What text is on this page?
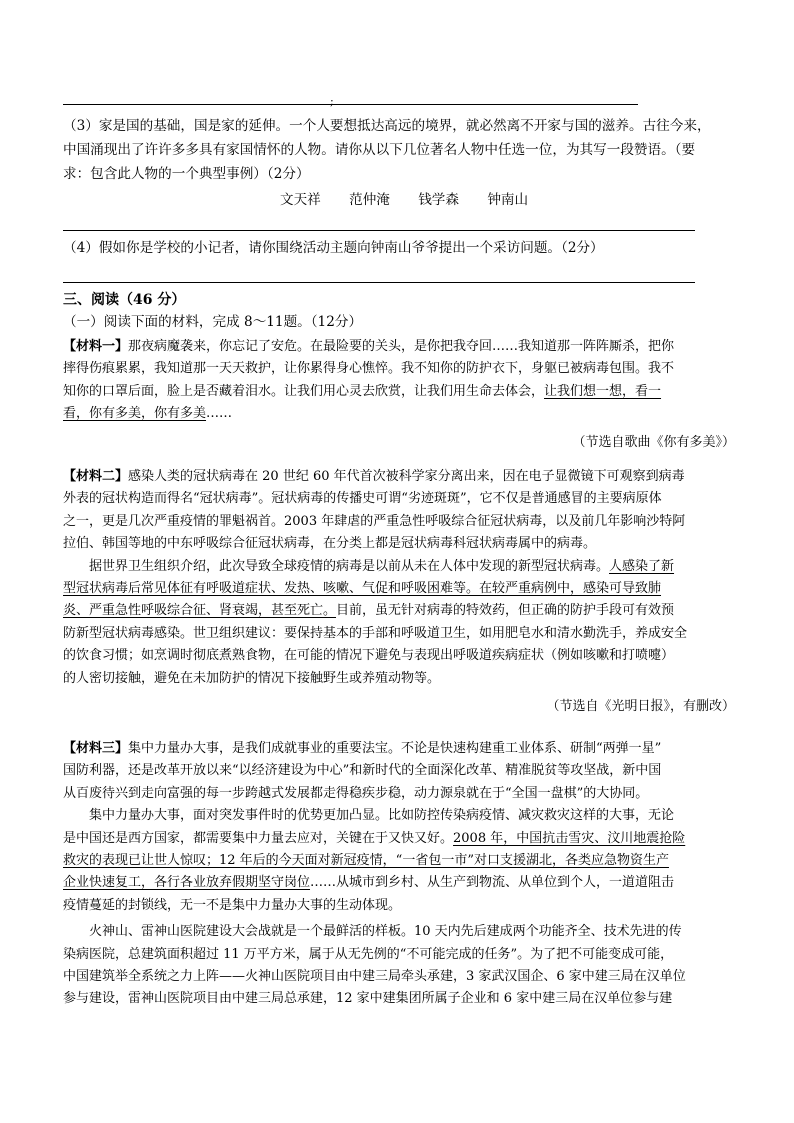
;
（3）家是国的基础，国是家的延伸。一个人要想抵达高远的境界，就必然离不开家与国的滋养。古往今来，
中国涌现出了许许多多具有家国情怀的人物。请你从以下几位著名人物中任选一位，为其写一段赞语。（要
求：包含此人物的一个典型事例）（2分）
文天祥 范仲淹 钱学森 钟南山
（4）假如你是学校的小记者，请你围绕活动主题向钟南山爷爷提出一个采访问题。（2分）
三、阅读（46 分）
（一）阅读下面的材料，完成 8～11题。（12分）
【材料一】那夜病魔袭来，你忘记了安危。在最险要的关头，是你把我夺回……我知道那一阵阵厮杀，把你
摔得伤痕累累，我知道那一天天救护，让你累得身心憔悴。我不知你的防护衣下，身躯已被病毒包围。我不
知你的口罩后面，脸上是否藏着泪水。让我们用心灵去欣赏，让我们用生命去体会，让我们想一想，看一
看，你有多美，你有多美……
（节选自歌曲《你有多美》）
【材料二】感染人类的冠状病毒在 20 世纪 60 年代首次被科学家分离出来，因在电子显微镜下可观察到病毒
外表的冠状构造而得名“冠状病毒”。冠状病毒的传播史可谓“劣迹斑斑”，它不仅是普通感冒的主要病原体
之一，更是几次严重疫情的罪魁祸首。2003 年肆虐的严重急性呼吸综合征冠状病毒，以及前几年影响沙特阿
拉伯、韩国等地的中东呼吸综合征冠状病毒，在分类上都是冠状病毒科冠状病毒属中的病毒。
据世界卫生组织介绍，此次导致全球疫情的病毒是以前从未在人体中发现的新型冠状病毒。人感染了新
型冠状病毒后常见体征有呼吸道症状、发热、咳嗽、气促和呼吸困难等。在较严重病例中，感染可导致肺
炎、严重急性呼吸综合征、肾衰竭，甚至死亡。目前，虽无针对病毒的特效药，但正确的防护手段可有效预
防新型冠状病毒感染。世卫组织建议：要保持基本的手部和呼吸道卫生，如用肥皂水和清水勤洗手，养成安全
的饮食习惯；如烹调时彻底煮熟食物，在可能的情况下避免与表现出呼吸道疾病症状（例如咳嗽和打喷嚏）
的人密切接触，避免在未加防护的情况下接触野生或养殖动物等。
（节选自《光明日报》，有删改）
【材料三】集中力量办大事，是我们成就事业的重要法宝。不论是快速构建重工业体系、研制“两弹一星”
国防利器，还是改革开放以来“以经济建设为中心”和新时代的全面深化改革、精准脱贫等攻坚战，新中国
从百废待兴到走向富强的每一步跨越式发展都走得稳疾步稳，动力源泉就在于“全国一盘棋”的大协同。
集中力量办大事，面对突发事件时的优势更加凸显。比如防控传染病疫情、减灾救灾这样的大事，无论
是中国还是西方国家，都需要集中力量去应对，关键在于又快又好。2008 年，中国抗击雪灾、汶川地震抢险
救灾的表现已让世人惊叹；12 年后的今天面对新冠疫情，“一省包一市”对口支援湖北，各类应急物资生产
企业快速复工，各行各业放弃假期坚守岗位……从城市到乡村、从生产到物流、从单位到个人，一道道阻击
疫情蔓延的封锁线，无一不是集中力量办大事的生动体现。
火神山、雷神山医院建设大会战就是一个最鲜活的样板。10 天内先后建成两个功能齐全、技术先进的传
染病医院，总建筑面积超过 11 万平方米，属于从无先例的“不可能完成的任务”。为了把不可能变成可能，
中国建筑举全系统之力上阵——火神山医院项目由中建三局牵头承建，3 家武汉国企、6 家中建三局在汉单位
参与建设，雷神山医院项目由中建三局总承建，12 家中建集团所属子企业和 6 家中建三局在汉单位参与建
